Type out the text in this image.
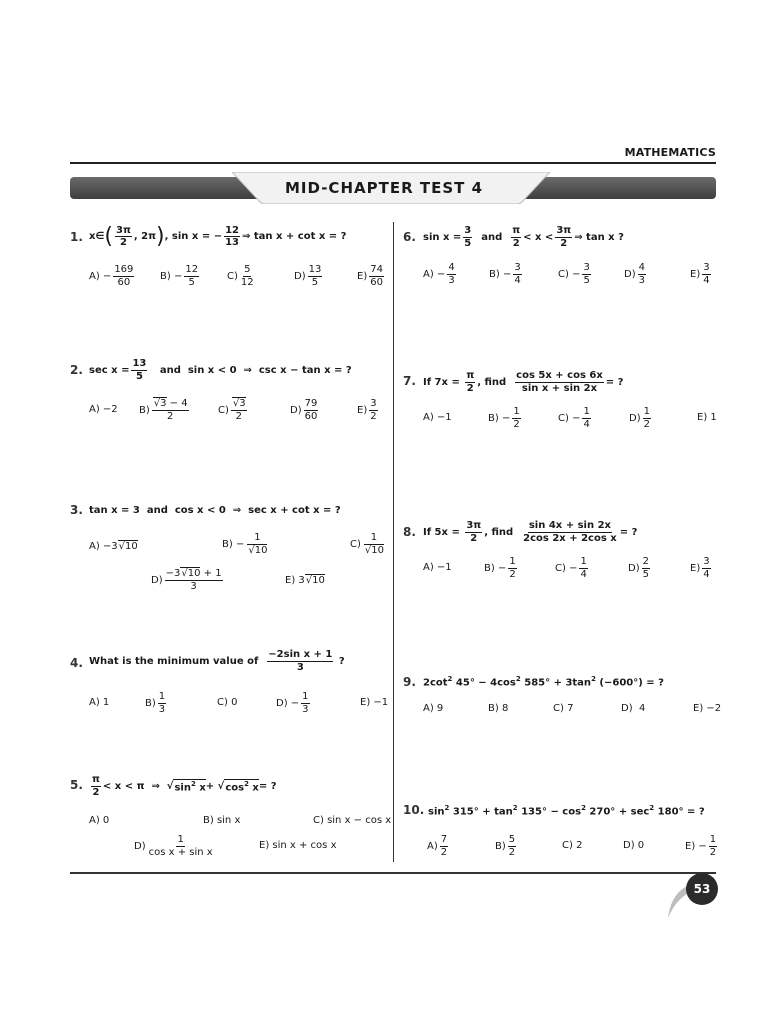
MATHEMATICS
MID-CHAPTER TEST 4
1. x∈ ( 3π
2
, 2π ) , sin x = −
12
13
⇒ tan x + cot x = ?
A) −
169
60
B) −
12
5
C)
5
12
D)
13
5
E)
74
60
2. sec x =
13
5
and  sin x < 0  ⇒  csc x − tan x = ?
A) −2 B)
√3 − 4
2
C)
√3
2
D)
79
60
E)
3
2
3. tan x = 3  and  cos x < 0  ⇒  sec x + cot x = ?
A) −3 √10	B) −
1
√10
C)
1
√10
D)
−3√10 + 1
3
E) 3 √10
4. What is the minimum value of

−2sin x + 1
3
?
A) 1	B)
1
3
C) 0	D) −
1
3
E) −1
5. π
2
< x < π  ⇒  √ $\sin^2 x$ + √ $\cos^2 x$ = ?
A) 0	B) sin x	C) sin x − cos x
D)
1
cos x + sin x
E) sin x + cos x
6. sin x =
3
5
and
π
2
< x <
3π
2
⇒ tan x ?
A) −
4
3
B) −
3
4
C) −
3
5
D)
4
3
E)
3
4
7. If 7x =
$\frac{\pi}{2}$ , find
cos 5x + cos 6x
sin x + sin 2x
= ?
A) −1	B) −
1
2
C) −
1
4
D)
1
2
E) 1
8. If 5x =
$\frac{3\pi}{2}$ , find
sin 4x + sin 2x
2cos 2x + 2cos x
= ?
A) −1	B) −
1
2
C) −
1
4
D)
2
5
E)
3
4
9. $2\cot^2$ $45^\circ - 4\cos^2$ $585^\circ + 3\tan^2$ (−600°) = ?
A) 9	B) 8	C) 7	D)  4	E) −2
10. $\sin^2 315^\circ + \tan^2 135^\circ - \cos^2 270^\circ + \sec^2 180^\circ$ = ?
A)
7
2
B)
5
2
C) 2	D) 0	E) −
1
2
53
